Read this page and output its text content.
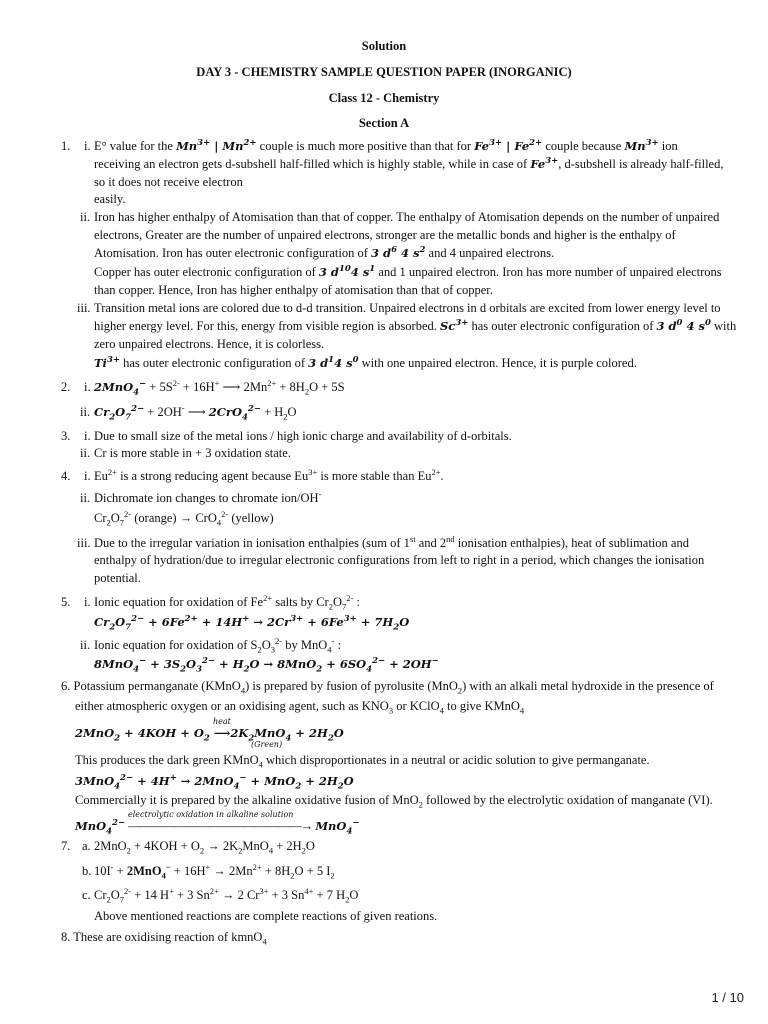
Solution
DAY 3 - CHEMISTRY SAMPLE QUESTION PAPER (INORGANIC)
Class 12 - Chemistry
Section A
1. i. E° value for the $Mn^{3+}$ | $Mn^{2+}$ couple is much more positive than that for $Fe^{3+}$ | $Fe^{2+}$ couple because $Mn^{3+}$ ion
receiving an electron gets d-subshell half-filled which is highly stable, while in case of $Fe^{3+}$, d-subshell is already half-filled,
so it does not receive electron
easily.
ii. Iron has higher enthalpy of Atomisation than that of copper. The enthalpy of Atomisation depends on the number of unpaired
electrons, Greater are the number of unpaired electrons, stronger are the metallic bonds and higher is the enthalpy of
Atomisation. Iron has outer electronic configuration of 3 $d^6$ 4 $s^2$ and 4 unpaired electrons.
Copper has outer electronic configuration of 3 $d^{10}4$ $s^1$ and 1 unpaired electron. Iron has more number of unpaired electrons
than copper. Hence, Iron has higher enthalpy of atomisation than that of copper.
iii. Transition metal ions are colored due to d-d transition. Unpaired electrons in d orbitals are excited from lower energy level to
higher energy level. For this, energy from visible region is absorbed. $Sc^{3+}$ has outer electronic configuration of 3 $d^0$ 4 $s^0$ with
zero unpaired electrons. Hence, it is colorless.
$Ti^{3+}$ has outer electronic configuration of 3 $d^14$ $s^0$ with one unpaired electron. Hence, it is purple colored.
2. i. $2MnO_4^- + 5S^{2-} + 16H^+$ ⟶ $2Mn^{2+} + 8H_2O + 5S$
ii. $Cr_2O_7^{2-} + 2OH^-$ ⟶ $2CrO_4^{2-} + H_2O$
3. i. Due to small size of the metal ions / high ionic charge and availability of d-orbitals.
ii. Cr is more stable in + 3 oxidation state.
4. i. $Eu^{2+}$ is a strong reducing agent because $Eu^{3+}$ is more stable than $Eu^{2+}$.
ii. Dichromate ion changes to chromate ion/OH-
$Cr_2O_7^{2-}$ (orange) → CrO$_4^{2-}$ (yellow)
iii. Due to the irregular variation in ionisation enthalpies (sum of 1st and 2nd ionisation enthalpies), heat of sublimation and
enthalpy of hydration/due to irregular electronic configurations from left to right in a period, which changes the ionisation
potential.
5. i. Ionic equation for oxidation of $Fe^{2+}$ salts by $Cr_2O_7^{2-}$ :
$Cr_2O_7^{2-} + 6Fe^{2+} + 14H^+ \to 2Cr^{3+} + 6Fe^{3+} + 7H_2O$
ii. Ionic equation for oxidation of $S_2O_3^{2-}$ by MnO$_4$- :
$8MnO_4^- + 3S_2O_3^{2-} + H_2O \to 8MnO_2 + 6SO_4^{2-} + 2OH^-$
6. Potassium permanganate (KMnO$_4$) is prepared by fusion of pyrolusite (MnO$_2$) with an alkali metal hydroxide in the presence of
either atmospheric oxygen or an oxidising agent, such as $KNO_3$ or KClO$_4$ to give KMnO$_4$
heat
$2MnO_2 + 4KOH + O_2$ $⟶2K_2MnO_4 + 2H_2O$
(Green)
This produces the dark green KMnO$_4$ which disproportionates in a neutral or acidic solution to give permanganate.
$3MnO_4^{2-} + 4H^+ \to 2MnO_4^- + MnO_2 + 2H_2O$
Commercially it is prepared by the alkaline oxidative fusion of MnO$_2$ followed by the electrolytic oxidation of manganate (VI).
electrolytic oxidation in alkaline solution
MnO$_4^{2-}$ ———————————————→ MnO$_4$−
7. a. $2MnO_2 + 4KOH + O_2 \to 2K_2MnO_4 + 2H_2O$
b. $10I^- + 2MnO_4^- + 16H^+ \to 2Mn^{2+} + 8H_2O + 5$ $I_2$
c. $Cr_2O_7^{2-} + 14$ H+ + 3 $Sn^{2+} \to 2$ $Cr^{3+} + 3$ $Sn^{4+} + 7$ $H_2O$
Above mentioned reactions are complete reactions of given reations.
8. These are oxidising reaction of kmnO$_4$
1 / 10
